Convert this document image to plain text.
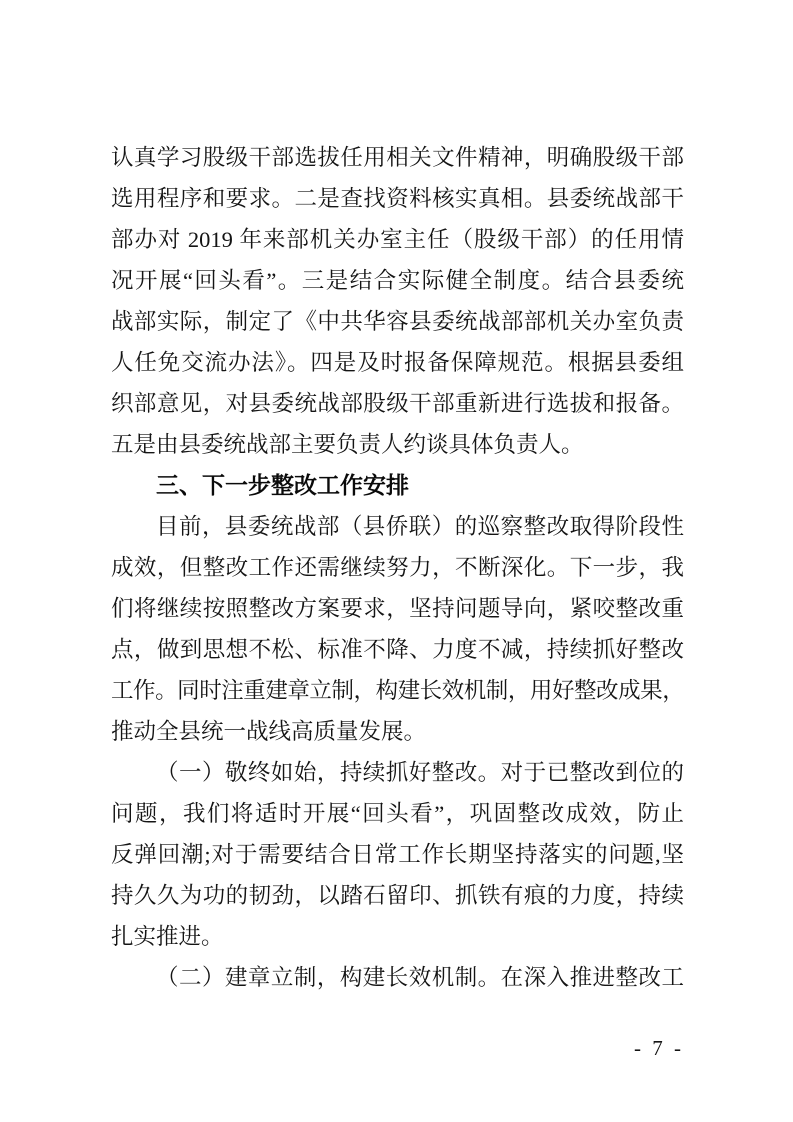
认真学习股级干部选拔任用相关文件精神，明确股级干部
选用程序和要求。二是查找资料核实真相。县委统战部干
部办对 2019 年来部机关办室主任（股级干部）的任用情
况开展“回头看”。三是结合实际健全制度。结合县委统
战部实际，制定了《中共华容县委统战部部机关办室负责
人任免交流办法》。四是及时报备保障规范。根据县委组
织部意见，对县委统战部股级干部重新进行选拔和报备。
五是由县委统战部主要负责人约谈具体负责人。
三、下一步整改工作安排
目前，县委统战部（县侨联）的巡察整改取得阶段性
成效，但整改工作还需继续努力，不断深化。下一步，我
们将继续按照整改方案要求，坚持问题导向，紧咬整改重
点，做到思想不松、标准不降、力度不减，持续抓好整改
工作。同时注重建章立制，构建长效机制，用好整改成果，
推动全县统一战线高质量发展。
（一）敬终如始，持续抓好整改。对于已整改到位的
问题，我们将适时开展“回头看”，巩固整改成效，防止
反弹回潮;对于需要结合日常工作长期坚持落实的问题,坚
持久久为功的韧劲，以踏石留印、抓铁有痕的力度，持续
扎实推进。
（二）建章立制，构建长效机制。在深入推进整改工
- 7 -
